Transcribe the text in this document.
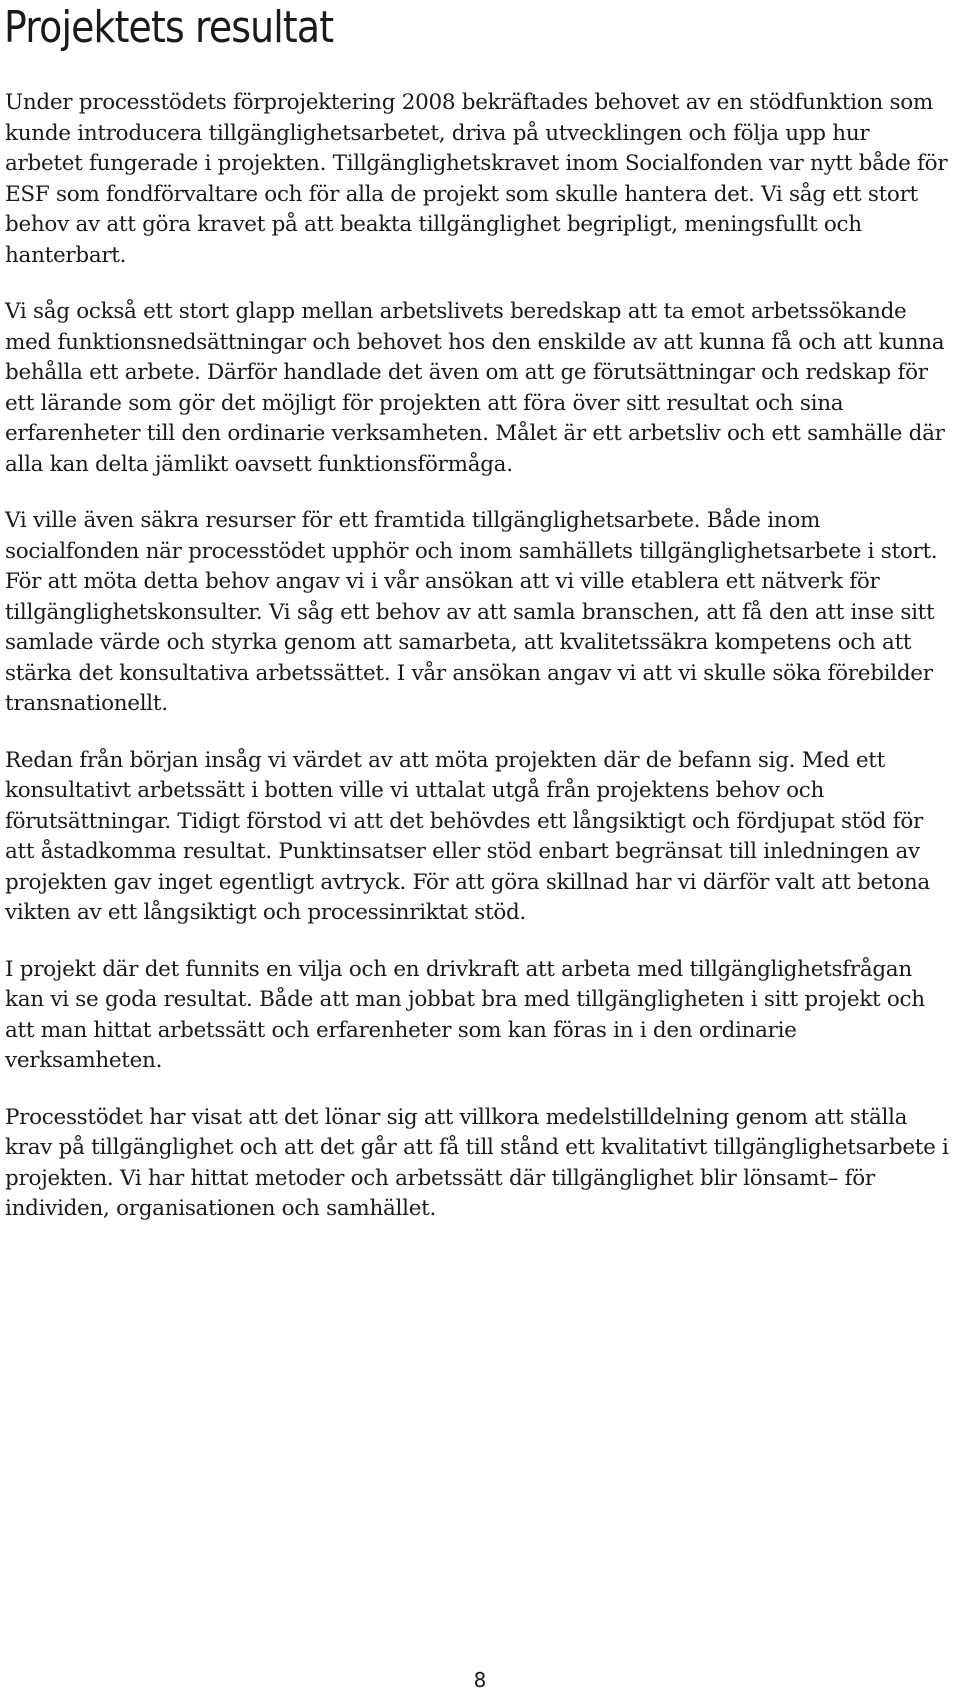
Projektets resultat

Under processtödets förprojektering 2008 bekräftades behovet av en stödfunktion som kunde introducera tillgänglighetsarbetet, driva på utvecklingen och följa upp hur arbetet fungerade i projekten. Tillgänglighetskravet inom Socialfonden var nytt både för ESF som fondförvaltare och för alla de projekt som skulle hantera det. Vi såg ett stort behov av att göra kravet på att beakta tillgänglighet begripligt, meningsfullt och hanterbart.

Vi såg också ett stort glapp mellan arbetslivets beredskap att ta emot arbetssökande med funktionsnedsättningar och behovet hos den enskilde av att kunna få och att kunna behålla ett arbete. Därför handlade det även om att ge förutsättningar och redskap för ett lärande som gör det möjligt för projekten att föra över sitt resultat och sina erfarenheter till den ordinarie verksamheten. Målet är ett arbetsliv och ett samhälle där alla kan delta jämlikt oavsett funktionsförmåga.

Vi ville även säkra resurser för ett framtida tillgänglighetsarbete. Både inom socialfonden när processtödet upphör och inom samhällets tillgänglighetsarbete i stort. För att möta detta behov angav vi i vår ansökan att vi ville etablera ett nätverk för tillgänglighetskonsulter. Vi såg ett behov av att samla branschen, att få den att inse sitt samlade värde och styrka genom att samarbeta, att kvalitetssäkra kompetens och att stärka det konsultativa arbetssättet. I vår ansökan angav vi att vi skulle söka förebilder transnationellt.

Redan från början insåg vi värdet av att möta projekten där de befann sig. Med ett konsultativt arbetssätt i botten ville vi uttalat utgå från projektens behov och förutsättningar. Tidigt förstod vi att det behövdes ett långsiktigt och fördjupat stöd för att åstadkomma resultat. Punktinsatser eller stöd enbart begränsat till inledningen av projekten gav inget egentligt avtryck. För att göra skillnad har vi därför valt att betona vikten av ett långsiktigt och processinriktat stöd.

I projekt där det funnits en vilja och en drivkraft att arbeta med tillgänglighetsfrågan kan vi se goda resultat. Både att man jobbat bra med tillgängligheten i sitt projekt och att man hittat arbetssätt och erfarenheter som kan föras in i den ordinarie verksamheten.

Processtödet har visat att det lönar sig att villkora medelstilldelning genom att ställa krav på tillgänglighet och att det går att få till stånd ett kvalitativt tillgänglighetsarbete i projekten. Vi har hittat metoder och arbetssätt där tillgänglighet blir lönsamt– för individen, organisationen och samhället.

8
